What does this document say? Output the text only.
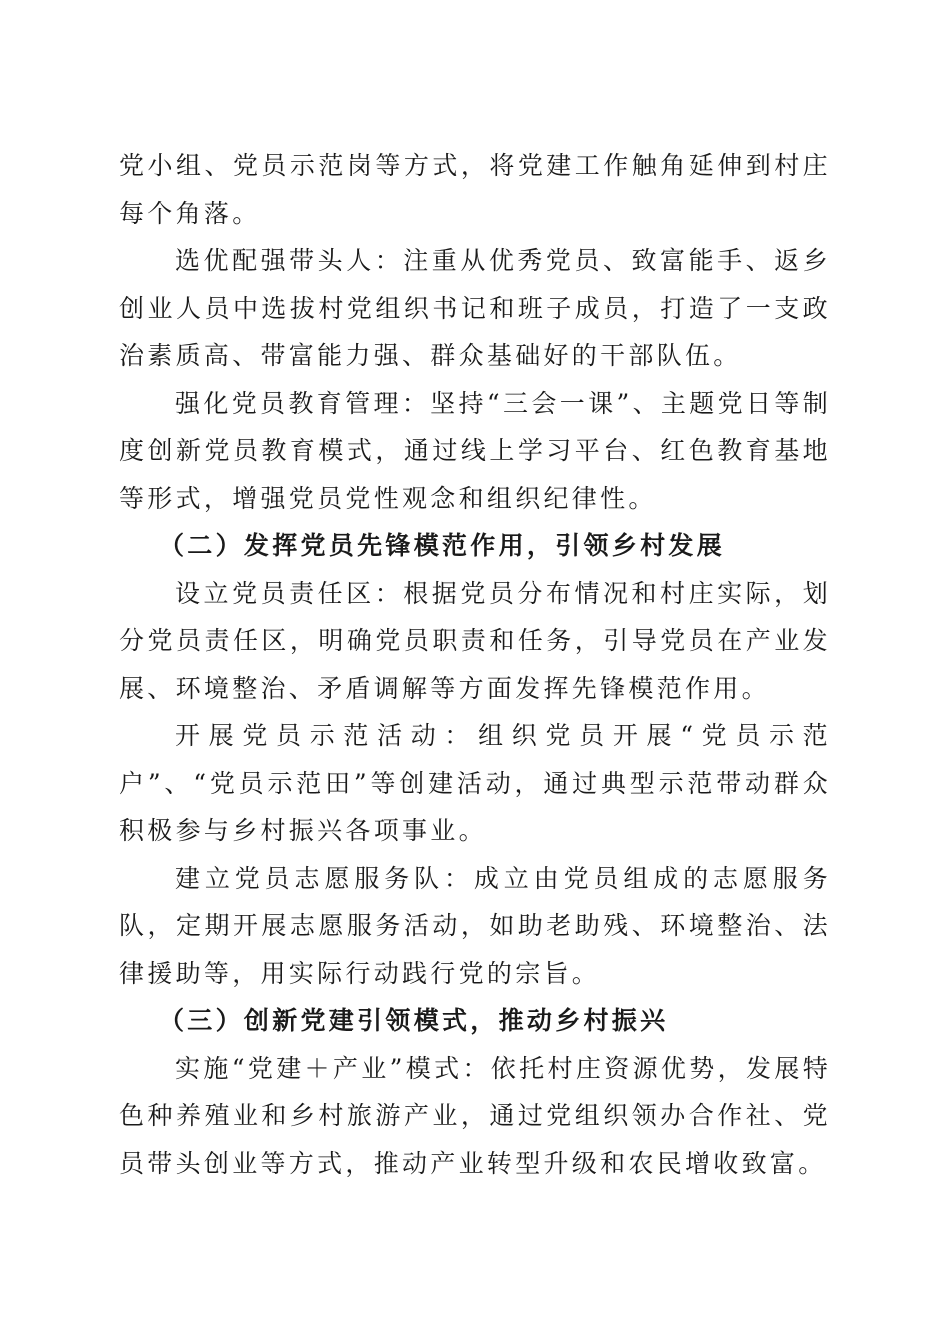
党小组、党员示范岗等方式，将党建工作触角延伸到村庄每个角落。

选优配强带头人：注重从优秀党员、致富能手、返乡创业人员中选拔村党组织书记和班子成员，打造了一支政治素质高、带富能力强、群众基础好的干部队伍。

强化党员教育管理：坚持“三会一课”、主题党日等制度创新党员教育模式，通过线上学习平台、红色教育基地等形式，增强党员党性观念和组织纪律性。

（二）发挥党员先锋模范作用，引领乡村发展

设立党员责任区：根据党员分布情况和村庄实际，划分党员责任区，明确党员职责和任务，引导党员在产业发展、环境整治、矛盾调解等方面发挥先锋模范作用。

开展党员示范活动：组织党员开展“党员示范户”、“党员示范田”等创建活动，通过典型示范带动群众积极参与乡村振兴各项事业。

建立党员志愿服务队：成立由党员组成的志愿服务队，定期开展志愿服务活动，如助老助残、环境整治、法律援助等，用实际行动践行党的宗旨。

（三）创新党建引领模式，推动乡村振兴

实施“党建＋产业”模式：依托村庄资源优势，发展特色种养殖业和乡村旅游产业，通过党组织领办合作社、党员带头创业等方式，推动产业转型升级和农民增收致富。
